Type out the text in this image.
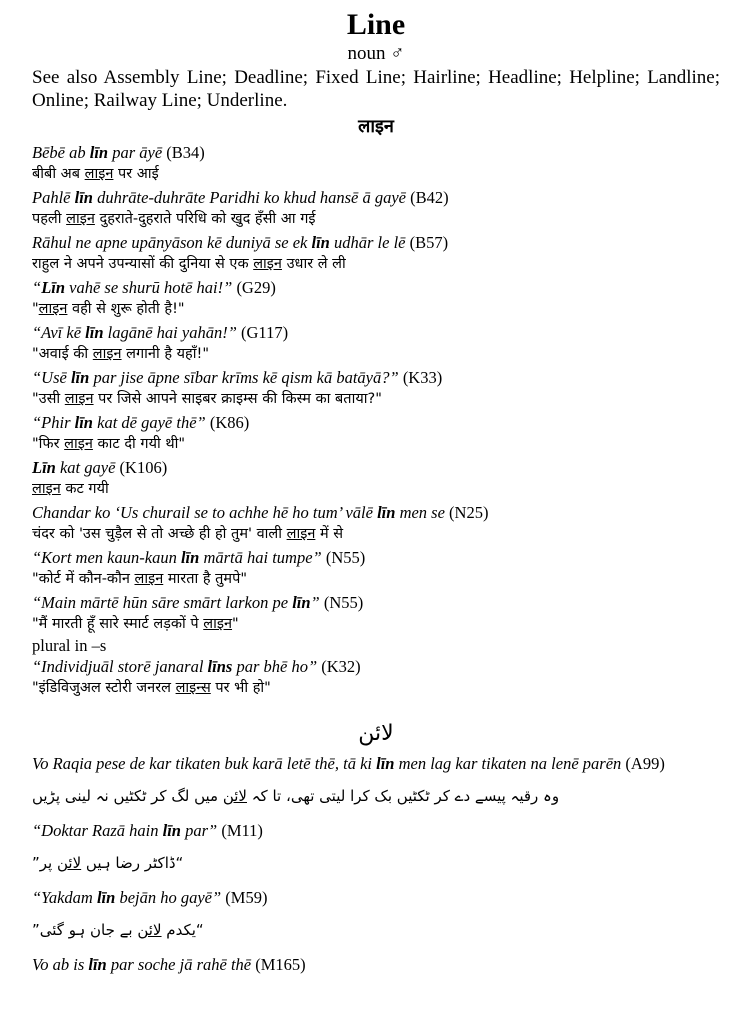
Line
noun ♂
See also Assembly Line; Deadline; Fixed Line; Hairline; Headline; Helpline; Landline; Online; Railway Line; Underline.
लाइन
Bēbē ab līn par āyē (B34)
बीबी अब लाइन पर आई
Pahlē līn duhrāte-duhrāte Paridhi ko khud hansē ā gayē (B42)
पहली लाइन दुहराते-दुहराते परिधि को खुद हँसी आ गई
Rāhul ne apne upānyāson kē duniyā se ek līn udhār le lē (B57)
राहुल ने अपने उपन्यासों की दुनिया से एक लाइन उधार ले ली
“Līn vahē se shurū hotē hai!” (G29)
"लाइन वही से शुरू होती है!"
“Avī kē līn lagānē hai yahān!” (G117)
"अवाई की लाइन लगानी है यहाँ!"
“Usē līn par jise āpne sībar krīms kē qism kā batāyā?” (K33)
"उसी लाइन पर जिसे आपने साइबर क्राइम्स की किस्म का बताया?"
“Phir līn kat dē gayē thē” (K86)
"फिर लाइन काट दी गयी थी"
Līn kat gayē (K106)
लाइन कट गयी
Chandar ko ‘Us churail se to achhe hē ho tum’ vālē līn men se (N25)
चंदर को 'उस चुड़ैल से तो अच्छे ही हो तुम' वाली लाइन में से
“Kort men kaun-kaun līn mārtā hai tumpe” (N55)
"कोर्ट में कौन-कौन लाइन मारता है तुमपे"
“Main mārtē hūn sāre smārt larkon pe līn” (N55)
"मैं मारती हूँ सारे स्मार्ट लड़कों पे लाइन"
plural in –s
“Individjuāl storē janaral līns par bhē ho” (K32)
"इंडिविजुअल स्टोरी जनरल लाइन्स पर भी हो"
لائن
Vo Raqia pese de kar tikaten buk karā letē thē, tā ki līn men lag kar tikaten na lenē parēn (A99)
وہ رقیہ پیسے دے کر ٹکٹیں بک کرا لیتی تھی، تا کہ لائن میں لگ کر ٹکٹیں نہ لینی پڑیں
“Doktar Razā hain līn par” (M11)
“ڈاکٹر رضا ہیں لائن پر”
“Yakdam līn bejān ho gayē” (M59)
“یکدم لائن بے جان ہو گئی”
Vo ab is līn par soche jā rahē thē (M165)
